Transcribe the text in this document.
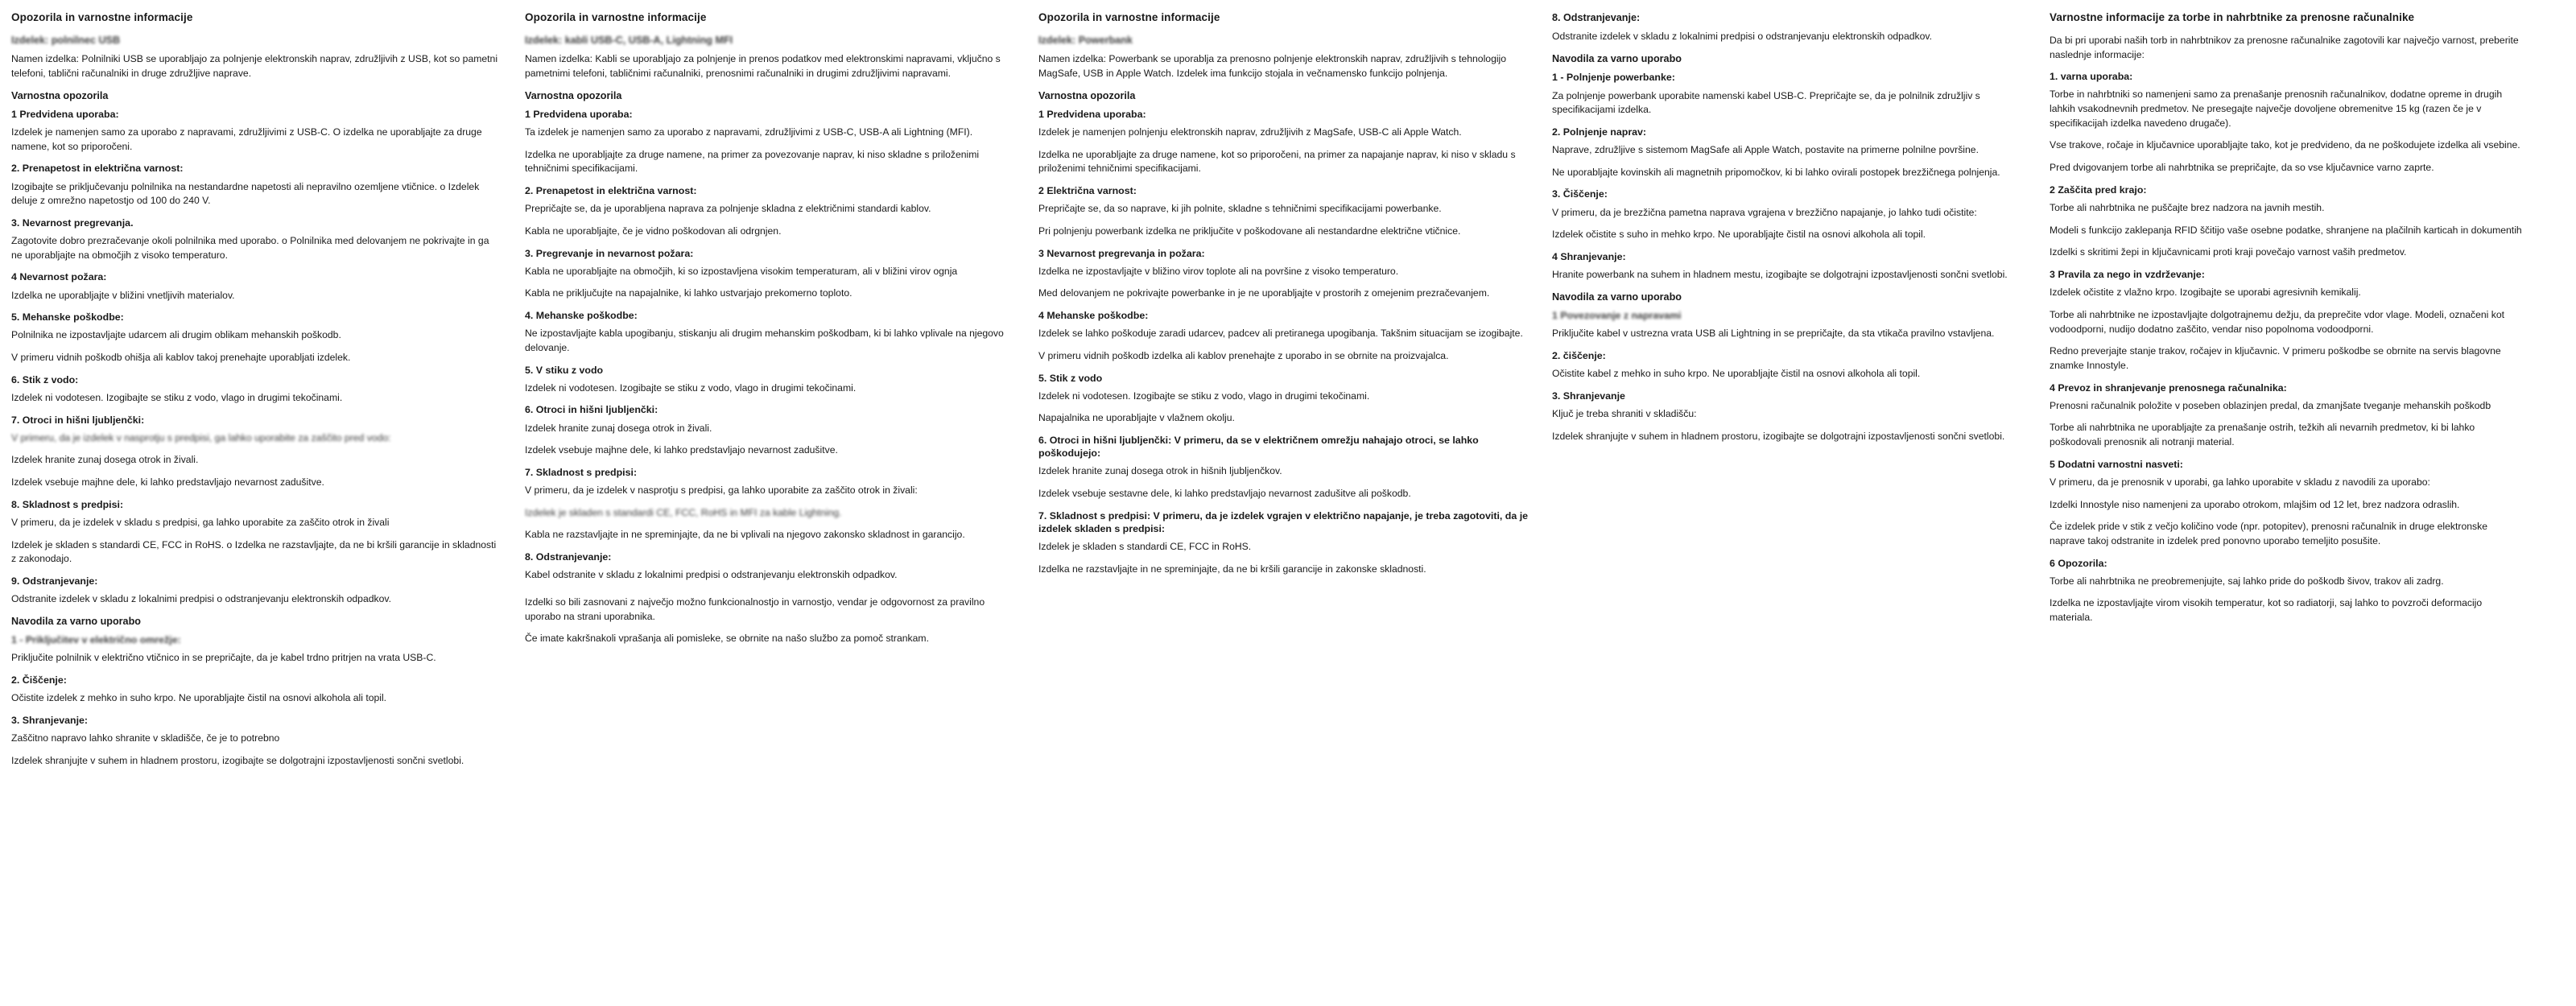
Opozorila in varnostne informacije
Izdelek: polnilnec USB

Namen izdelka: Polnilniki USB se uporabljajo za polnjenje elektronskih naprav, združljivih z USB, kot so pametni telefoni, tablični računalniki in druge združljive naprave.

Varnostna opozorila
1 Predvidena uporaba:

Izdelek je namenjen samo za uporabo z napravami, združljivimi z USB-C. O izdelka ne uporabljajte za druge namene, kot so priporočeni.

2. Prenapetost in električna varnost:

Izogibajte se priključevanju polnilnika na nestandardne napetosti ali nepravilno ozemljene vtičnice. o Izdelek deluje z omrežno napetostjo od 100 do 240 V.

3. Nevarnost pregrevanja.

Zagotovite dobro prezračevanje okoli polnilnika med uporabo. o Polnilnika med delovanjem ne pokrivajte in ga ne uporabljajte na območjih z visoko temperaturo.

4 Nevarnost požara:

Izdelka ne uporabljajte v bližini vnetljivih materialov.

5. Mehanske poškodbe:

Polnilnika ne izpostavljajte udarcem ali drugim oblikam mehanskih poškodb.

V primeru vidnih poškodb ohišja ali kablov takoj prenehajte uporabljati izdelek.

6. Stik z vodo:

Izdelek ni vodotesen. Izogibajte se stiku z vodo, vlago in drugimi tekočinami.

7. Otroci in hišni ljubljenčki:

V primeru, da je izdelek v nasprotju s predpisi, ga lahko uporabite za zaščito pred vodo:

Izdelek hranite zunaj dosega otrok in živali.

Izdelek vsebuje majhne dele, ki lahko predstavljajo nevarnost zadušitve.

8. Skladnost s predpisi:

V primeru, da je izdelek v skladu s predpisi, ga lahko uporabite za zaščito otrok in živali

Izdelek je skladen s standardi CE, FCC in RoHS. o Izdelka ne razstavljajte, da ne bi kršili garancije in skladnosti z zakonodajo.

9. Odstranjevanje:

Odstranite izdelek v skladu z lokalnimi predpisi o odstranjevanju elektronskih odpadkov.

Navodila za varno uporabo
1 - Priključitev v električno omrežje:

Priključite polnilnik v električno vtičnico in se prepričajte, da je kabel trdno pritrjen na vrata USB-C.

2. Čiščenje:

Očistite izdelek z mehko in suho krpo. Ne uporabljajte čistil na osnovi alkohola ali topil.

3. Shranjevanje:

Zaščitno napravo lahko shranite v skladišče, če je to potrebno

Izdelek shranjujte v suhem in hladnem prostoru, izogibajte se dolgotrajni izpostavljenosti sončni svetlobi.

Opozorila in varnostne informacije
Izdelek: kabli USB-C, USB-A, Lightning MFI

Namen izdelka: Kabli se uporabljajo za polnjenje in prenos podatkov med elektronskimi napravami, vključno s pametnimi telefoni, tabličnimi računalniki, prenosnimi računalniki in drugimi združljivimi napravami.

Varnostna opozorila
1 Predvidena uporaba:

Ta izdelek je namenjen samo za uporabo z napravami, združljivimi z USB-C, USB-A ali Lightning (MFI).

Izdelka ne uporabljajte za druge namene, na primer za povezovanje naprav, ki niso skladne s priloženimi tehničnimi specifikacijami.

2. Prenapetost in električna varnost:

Prepričajte se, da je uporabljena naprava za polnjenje skladna z električnimi standardi kablov.

Kabla ne uporabljajte, če je vidno poškodovan ali odrgnjen.

3. Pregrevanje in nevarnost požara:

Kabla ne uporabljajte na območjih, ki so izpostavljena visokim temperaturam, ali v bližini virov ognja

Kabla ne priključujte na napajalnike, ki lahko ustvarjajo prekomerno toploto.

4. Mehanske poškodbe:

Ne izpostavljajte kabla upogibanju, stiskanju ali drugim mehanskim poškodbam, ki bi lahko vplivale na njegovo delovanje.

5. V stiku z vodo

Izdelek ni vodotesen. Izogibajte se stiku z vodo, vlago in drugimi tekočinami.

6. Otroci in hišni ljubljenčki:

Izdelek hranite zunaj dosega otrok in živali.

Izdelek vsebuje majhne dele, ki lahko predstavljajo nevarnost zadušitve.

7. Skladnost s predpisi:

V primeru, da je izdelek v nasprotju s predpisi, ga lahko uporabite za zaščito otrok in živali:

Izdelek je skladen s standardi CE, FCC, RoHS in MFI za kable Lightning.

Kabla ne razstavljajte in ne spreminjajte, da ne bi vplivali na njegovo zakonsko skladnost in garancijo.

8. Odstranjevanje:

Kabel odstranite v skladu z lokalnimi predpisi o odstranjevanju elektronskih odpadkov.

Izdelki so bili zasnovani z največjo možno funkcionalnostjo in varnostjo, vendar je odgovornost za pravilno uporabo na strani uporabnika.

Če imate kakršnakoli vprašanja ali pomisleke, se obrnite na našo službo za pomoč strankam.

Opozorila in varnostne informacije
Izdelek: Powerbank

Namen izdelka: Powerbank se uporablja za prenosno polnjenje elektronskih naprav, združljivih s tehnologijo MagSafe, USB in Apple Watch. Izdelek ima funkcijo stojala in večnamensko funkcijo polnjenja.

Varnostna opozorila
1 Predvidena uporaba:

Izdelek je namenjen polnjenju elektronskih naprav, združljivih z MagSafe, USB-C ali Apple Watch.

Izdelka ne uporabljajte za druge namene, kot so priporočeni, na primer za napajanje naprav, ki niso v skladu s priloženimi tehničnimi specifikacijami.

2 Električna varnost:

Prepričajte se, da so naprave, ki jih polnite, skladne s tehničnimi specifikacijami powerbanke.

Pri polnjenju powerbank izdelka ne priključite v poškodovane ali nestandardne električne vtičnice.

3 Nevarnost pregrevanja in požara:

Izdelka ne izpostavljajte v bližino virov toplote ali na površine z visoko temperaturo.

Med delovanjem ne pokrivajte powerbanke in je ne uporabljajte v prostorih z omejenim prezračevanjem.

4 Mehanske poškodbe:

Izdelek se lahko poškoduje zaradi udarcev, padcev ali pretiranega upogibanja. Takšnim situacijam se izogibajte.

V primeru vidnih poškodb izdelka ali kablov prenehajte z uporabo in se obrnite na proizvajalca.

5. Stik z vodo

Izdelek ni vodotesen. Izogibajte se stiku z vodo, vlago in drugimi tekočinami.

Napajalnika ne uporabljajte v vlažnem okolju.

6. Otroci in hišni ljubljenčki: V primeru, da se v električnem omrežju nahajajo otroci, se lahko poškodujejo:

Izdelek hranite zunaj dosega otrok in hišnih ljubljenčkov.

Izdelek vsebuje sestavne dele, ki lahko predstavljajo nevarnost zadušitve ali poškodb.

7. Skladnost s predpisi: V primeru, da je izdelek vgrajen v električno napajanje, je treba zagotoviti, da je izdelek skladen s predpisi:

Izdelek je skladen s standardi CE, FCC in RoHS.

Izdelka ne razstavljajte in ne spreminjajte, da ne bi kršili garancije in zakonske skladnosti.

8. Odstranjevanje:

Odstranite izdelek v skladu z lokalnimi predpisi o odstranjevanju elektronskih odpadkov.

Navodila za varno uporabo
1 - Polnjenje powerbanke:

Za polnjenje powerbank uporabite namenski kabel USB-C. Prepričajte se, da je polnilnik združljiv s specifikacijami izdelka.

2. Polnjenje naprav:

Naprave, združljive s sistemom MagSafe ali Apple Watch, postavite na primerne polnilne površine.

Ne uporabljajte kovinskih ali magnetnih pripomočkov, ki bi lahko ovirali postopek brezžičnega polnjenja.

3. Čiščenje:

V primeru, da je brezžična pametna naprava vgrajena v brezžično napajanje, jo lahko tudi očistite:

Izdelek očistite s suho in mehko krpo. Ne uporabljajte čistil na osnovi alkohola ali topil.

4 Shranjevanje:

Hranite powerbank na suhem in hladnem mestu, izogibajte se dolgotrajni izpostavljenosti sončni svetlobi.

Navodila za varno uporabo
1 Povezovanje z napravami

Priključite kabel v ustrezna vrata USB ali Lightning in se prepričajte, da sta vtikača pravilno vstavljena.

2. čiščenje:

Očistite kabel z mehko in suho krpo. Ne uporabljajte čistil na osnovi alkohola ali topil.

3. Shranjevanje

Ključ je treba shraniti v skladišču:

Izdelek shranjujte v suhem in hladnem prostoru, izogibajte se dolgotrajni izpostavljenosti sončni svetlobi.

Varnostne informacije za torbe in nahrbtnike za prenosne računalnike

Da bi pri uporabi naših torb in nahrbtnikov za prenosne računalnike zagotovili kar največjo varnost, preberite naslednje informacije:

1. varna uporaba:

Torbe in nahrbtniki so namenjeni samo za prenašanje prenosnih računalnikov, dodatne opreme in drugih lahkih vsakodnevnih predmetov. Ne presegajte največje dovoljene obremenitve 15 kg (razen če je v specifikacijah izdelka navedeno drugače).

Vse trakove, ročaje in ključavnice uporabljajte tako, kot je predvideno, da ne poškodujete izdelka ali vsebine.

Pred dvigovanjem torbe ali nahrbtnika se prepričajte, da so vse ključavnice varno zaprte.

2 Zaščita pred krajo:

Torbe ali nahrbtnika ne puščajte brez nadzora na javnih mestih.

Modeli s funkcijo zaklepanja RFID ščitijo vaše osebne podatke, shranjene na plačilnih karticah in dokumentih

Izdelki s skritimi žepi in ključavnicami proti kraji povečajo varnost vaših predmetov.

3 Pravila za nego in vzdrževanje:

Izdelek očistite z vlažno krpo. Izogibajte se uporabi agresivnih kemikalij.

Torbe ali nahrbtnike ne izpostavljajte dolgotrajnemu dežju, da preprečite vdor vlage. Modeli, označeni kot vodoodporni, nudijo dodatno zaščito, vendar niso popolnoma vodoodporni.

Redno preverjajte stanje trakov, ročajev in ključavnic. V primeru poškodbe se obrnite na servis blagovne znamke Innostyle.

4 Prevoz in shranjevanje prenosnega računalnika:

Prenosni računalnik položite v poseben oblazinjen predal, da zmanjšate tveganje mehanskih poškodb

Torbe ali nahrbtnika ne uporabljajte za prenašanje ostrih, težkih ali nevarnih predmetov, ki bi lahko poškodovali prenosnik ali notranji material.

5 Dodatni varnostni nasveti:

V primeru, da je prenosnik v uporabi, ga lahko uporabite v skladu z navodili za uporabo:

Izdelki Innostyle niso namenjeni za uporabo otrokom, mlajšim od 12 let, brez nadzora odraslih.

Če izdelek pride v stik z večjo količino vode (npr. potopitev), prenosni računalnik in druge elektronske naprave takoj odstranite in izdelek pred ponovno uporabo temeljito posušite.

6 Opozorila:

Torbe ali nahrbtnika ne preobremenjujte, saj lahko pride do poškodb šivov, trakov ali zadrg.

Izdelka ne izpostavljajte virom visokih temperatur, kot so radiatorji, saj lahko to povzroči deformacijo materiala.
